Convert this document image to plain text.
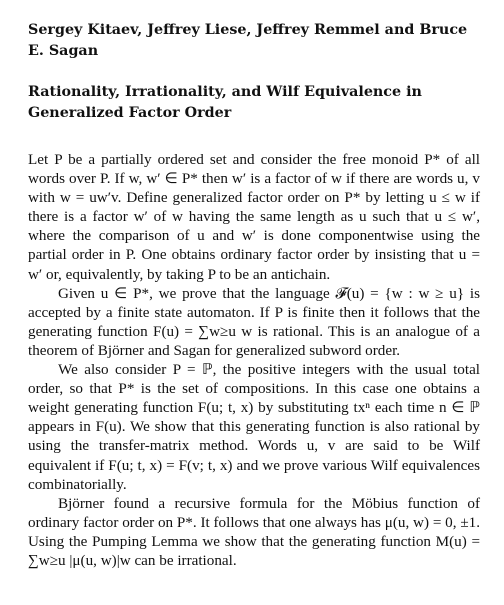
Sergey Kitaev, Jeffrey Liese, Jeffrey Remmel and Bruce E. Sagan
Rationality, Irrationality, and Wilf Equivalence in Generalized Factor Order

Let P be a partially ordered set and consider the free monoid P* of all words over P. If w, w′ ∈ P* then w′ is a factor of w if there are words u, v with w = uw′v. Define generalized factor order on P* by letting u ≤ w if there is a factor w′ of w having the same length as u such that u ≤ w′, where the comparison of u and w′ is done componentwise using the partial order in P. One obtains ordinary factor order by insisting that u = w′ or, equivalently, by taking P to be an antichain.

Given u ∈ P*, we prove that the language 𝓕(u) = {w : w ≥ u} is accepted by a finite state automaton. If P is finite then it follows that the generating function F(u) = ∑w≥u w is rational. This is an analogue of a theorem of Björner and Sagan for generalized subword order.

We also consider P = ℙ, the positive integers with the usual total order, so that P* is the set of compositions. In this case one obtains a weight generating function F(u; t, x) by substituting txⁿ each time n ∈ ℙ appears in F(u). We show that this generating function is also rational by using the transfer-matrix method. Words u, v are said to be Wilf equivalent if F(u; t, x) = F(v; t, x) and we prove various Wilf equivalences combinatorially.

Björner found a recursive formula for the Möbius function of ordinary factor order on P*. It follows that one always has μ(u, w) = 0, ±1. Using the Pumping Lemma we show that the generating function M(u) = ∑w≥u |μ(u, w)|w can be irrational.
